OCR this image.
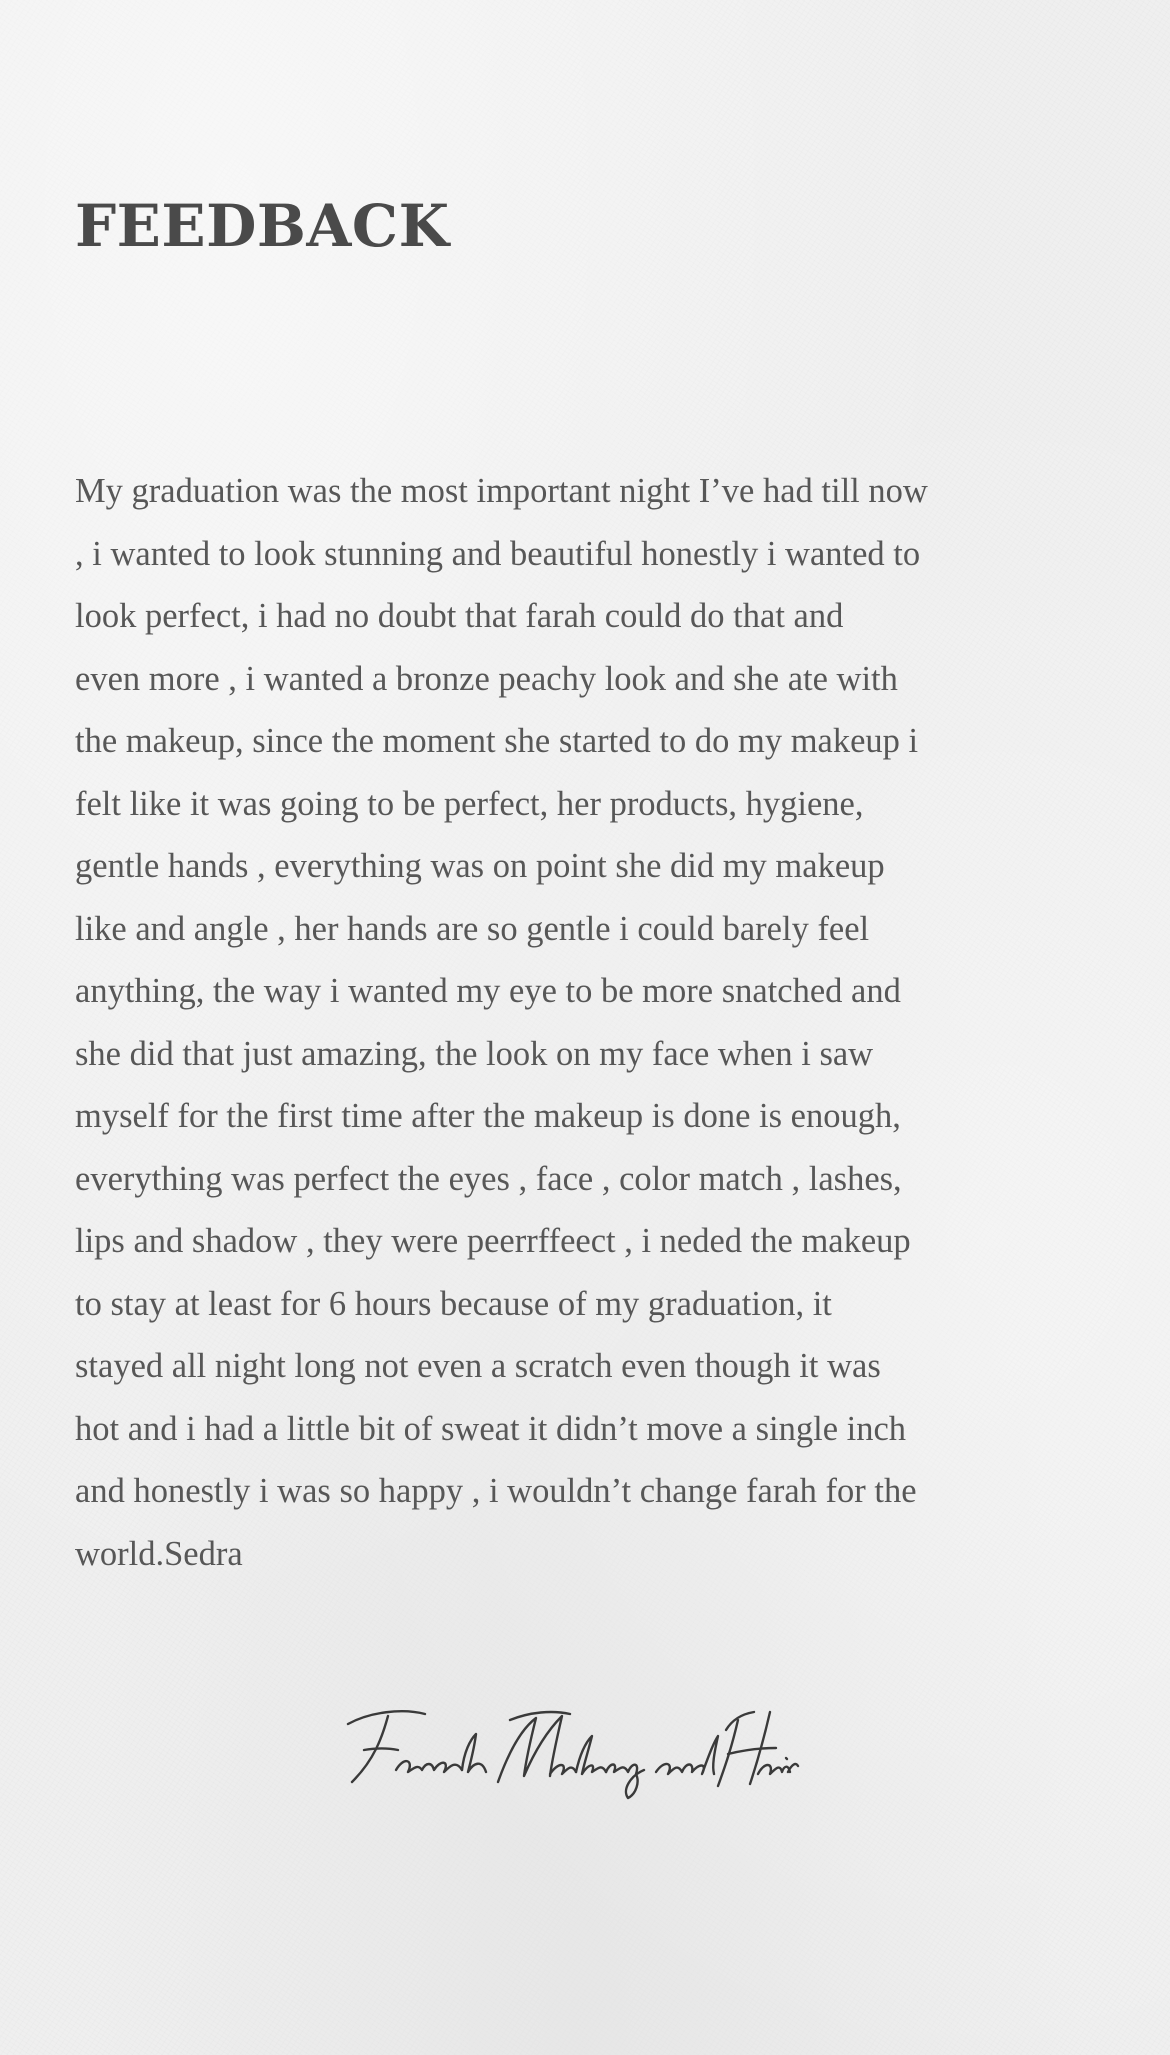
FEEDBACK
My graduation was the most important night I’ve had till now
, i wanted to look stunning and beautiful honestly i wanted to
look perfect, i had no doubt that farah could do that and
even more , i wanted a bronze peachy look and she ate with
the makeup, since the moment she started to do my makeup i
felt like it was going to be perfect, her products, hygiene,
gentle hands , everything was on point she did my makeup
like and angle , her hands are so gentle i could barely feel
anything, the way i wanted my eye to be more snatched and
she did that just amazing, the look on my face when i saw
myself for the first time after the makeup is done is enough,
everything was perfect the eyes , face , color match , lashes,
lips and shadow , they were peerrffeect , i neded the makeup
to stay at least for 6 hours because of my graduation, it
stayed all night long not even a scratch even though it was
hot and i had a little bit of sweat it didn’t move a single inch
and honestly i was so happy , i wouldn’t change farah for the
world.Sedra
